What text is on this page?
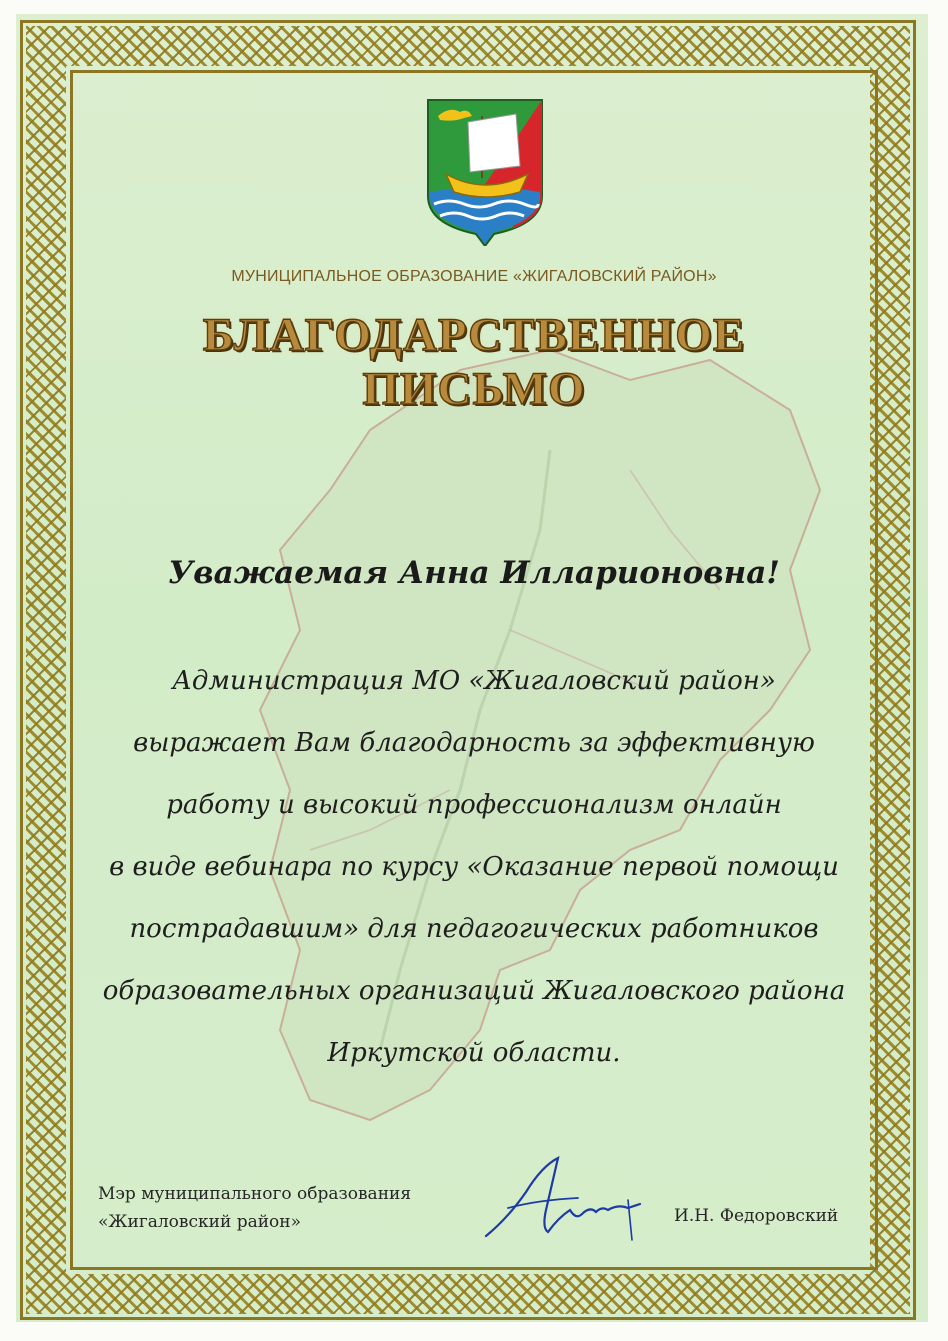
МУНИЦИПАЛЬНОЕ ОБРАЗОВАНИЕ «ЖИГАЛОВСКИЙ РАЙОН»
БЛАГОДАРСТВЕННОЕ
ПИСЬМО
Уважаемая Анна Илларионовна!
Администрация МО «Жигаловский район»
выражает Вам благодарность за эффективную
работу и высокий профессионализм онлайн
в виде вебинара по курсу «Оказание первой помощи
пострадавшим» для педагогических работников
образовательных организаций Жигаловского района
Иркутской области.
Мэр муниципального образования
«Жигаловский район»	И.Н. Федоровский
